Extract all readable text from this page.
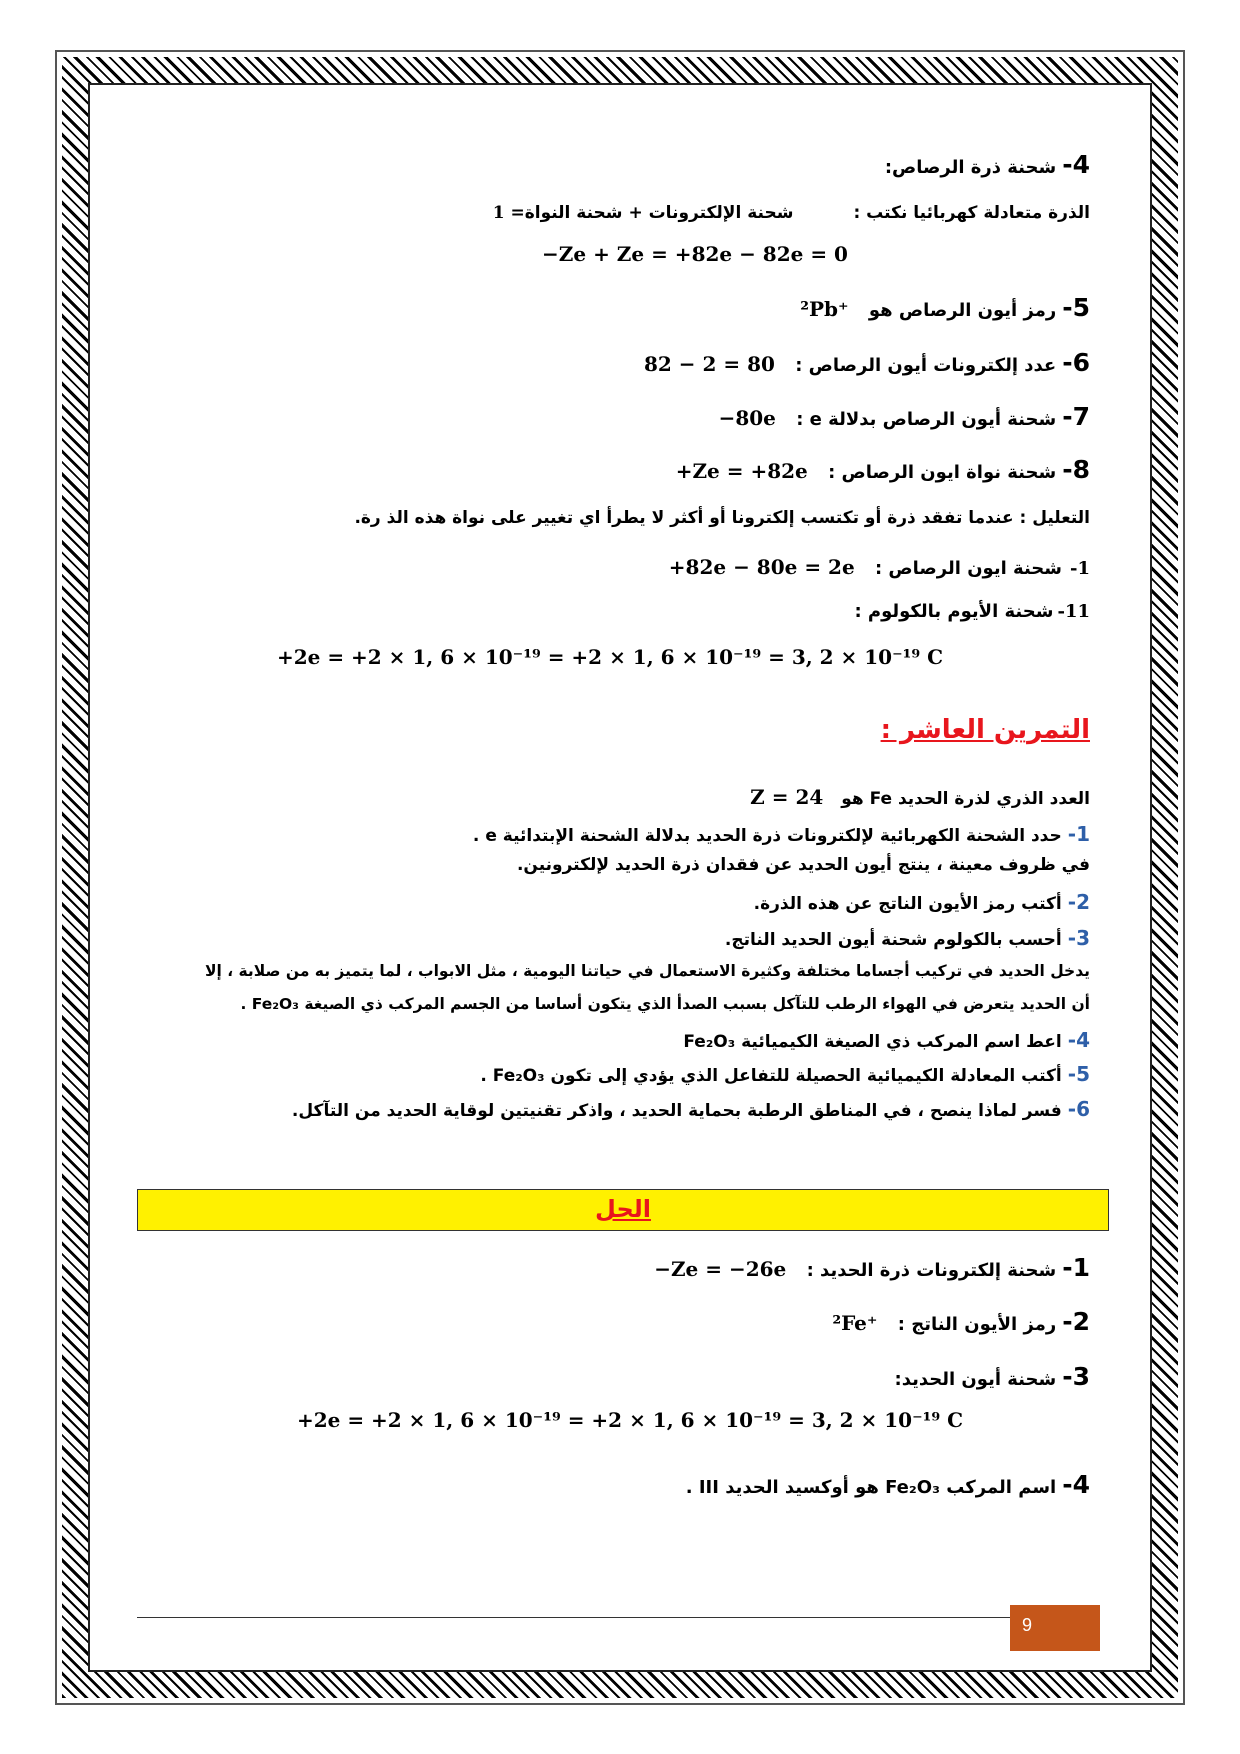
4-شحنة ذرة الرصاص:
الذرة متعادلة كهربائيا نكتب :شحنة الإلكترونات + شحنة النواة= 1
−Ze + Ze = +82e − 82e = 0
5-رمز أيون الرصاص هو ²Pb⁺
6-عدد إلكترونات أيون الرصاص : 82 − 2 = 80
7-شحنة أيون الرصاص بدلالة e : −80e
8-شحنة نواة ايون الرصاص : +Ze = +82e
التعليل : عندما تفقد ذرة أو تكتسب إلكترونا أو أكثر لا يطرأ اي تغيير على نواة هذه الذ رة.
1-شحنة ايون الرصاص : +82e − 80e = 2e
11-شحنة الأيوم بالكولوم :
+2e = +2 × 1, 6 × 10⁻¹⁹ = +2 × 1, 6 × 10⁻¹⁹ = 3, 2 × 10⁻¹⁹ C
التمرين العاشر :
العدد الذري لذرة الحديد Fe هو Z = 24
1-حدد الشحنة الكهربائية لإلكترونات ذرة الحديد بدلالة الشحنة الإبتدائية e .
في ظروف معينة ، ينتج أيون الحديد عن فقدان ذرة الحديد لإلكترونين.
2-أكتب رمز الأيون الناتج عن هذه الذرة.
3-أحسب بالكولوم شحنة أيون الحديد الناتج.
يدخل الحديد في تركيب أجساما مختلفة وكثيرة الاستعمال في حياتنا اليومية ، مثل الابواب ، لما يتميز به من صلابة ، إلا
أن الحديد يتعرض في الهواء الرطب للتآكل بسبب الصدأ الذي يتكون أساسا من الجسم المركب ذي الصيغة Fe₂O₃ .
4-اعط اسم المركب ذي الصيغة الكيميائية Fe₂O₃
5-أكتب المعادلة الكيميائية الحصيلة للتفاعل الذي يؤدي إلى تكون Fe₂O₃ .
6-فسر لماذا ينصح ، في المناطق الرطبة بحماية الحديد ، واذكر تقنيتين لوقاية الحديد من التآكل.
1-شحنة إلكترونات ذرة الحديد : −Ze = −26e
2-رمز الأيون الناتج : ²Fe⁺
3-شحنة أيون الحديد:
+2e = +2 × 1, 6 × 10⁻¹⁹ = +2 × 1, 6 × 10⁻¹⁹ = 3, 2 × 10⁻¹⁹ C
4-اسم المركب Fe₂O₃ هو أوكسيد الحديد III .
الحل
9
